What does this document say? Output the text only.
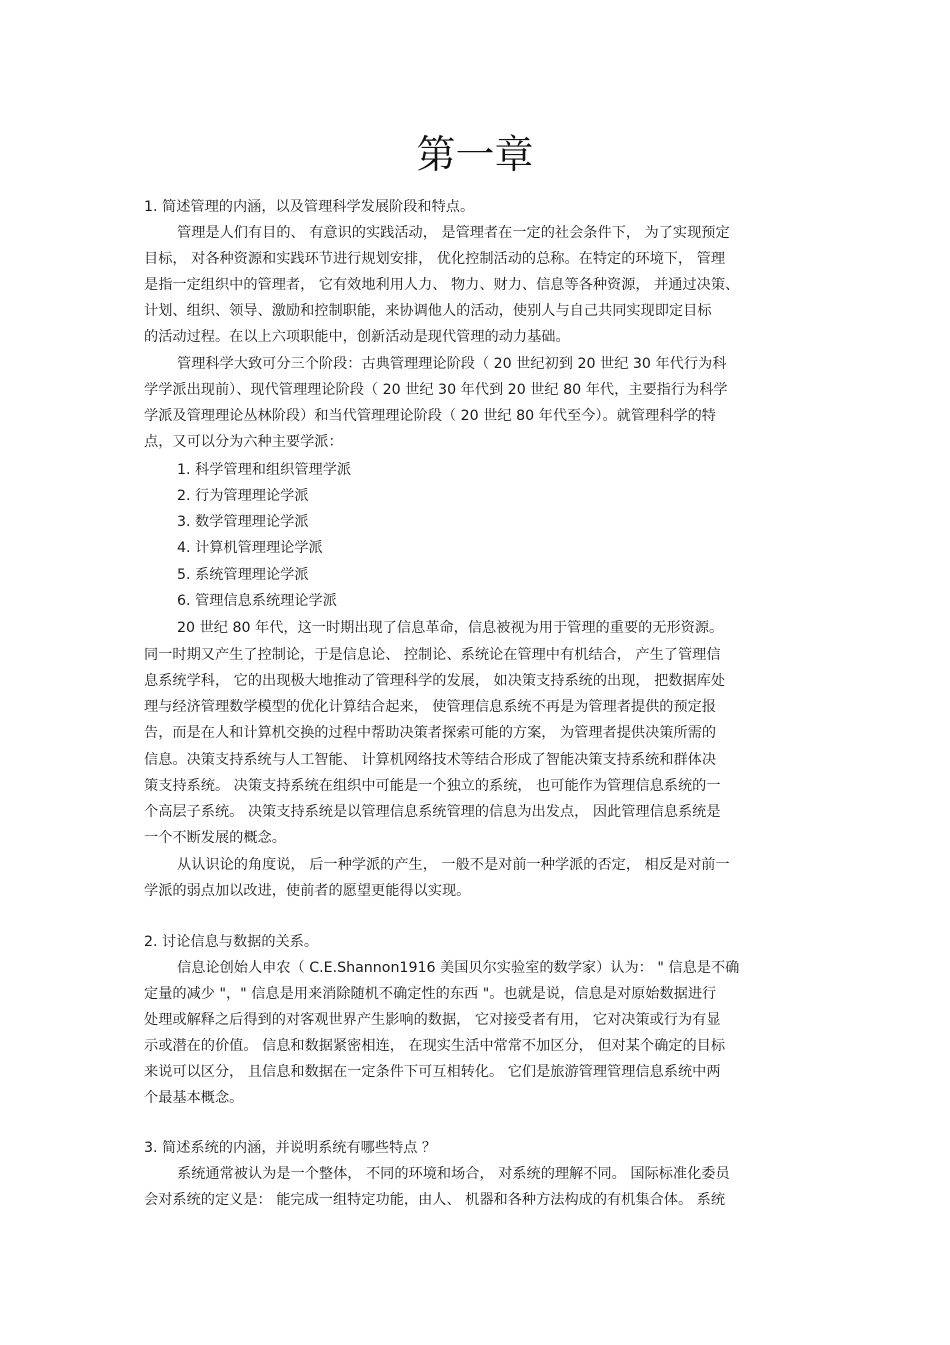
第一章
1. 简述管理的内涵，以及管理科学发展阶段和特点。
管理是人们有目的、 有意识的实践活动， 是管理者在一定的社会条件下， 为了实现预定
目标， 对各种资源和实践环节进行规划安排， 优化控制活动的总称。在特定的环境下， 管理
是指一定组织中的管理者， 它有效地利用人力、 物力、财力、信息等各种资源， 并通过决策、
计划、组织、领导、激励和控制职能，来协调他人的活动，使别人与自己共同实现即定目标
的活动过程。在以上六项职能中，创新活动是现代管理的动力基础。
管理科学大致可分三个阶段：古典管理理论阶段（ 20 世纪初到 20 世纪 30 年代行为科
学学派出现前）、现代管理理论阶段（ 20 世纪 30 年代到 20 世纪 80 年代，主要指行为科学
学派及管理理论丛林阶段）和当代管理理论阶段（ 20 世纪 80 年代至今）。就管理科学的特
点，又可以分为六种主要学派：
1. 科学管理和组织管理学派
2. 行为管理理论学派
3. 数学管理理论学派
4. 计算机管理理论学派
5. 系统管理理论学派
6. 管理信息系统理论学派
20 世纪 80 年代，这一时期出现了信息革命，信息被视为用于管理的重要的无形资源。
同一时期又产生了控制论，于是信息论、 控制论、系统论在管理中有机结合， 产生了管理信
息系统学科， 它的出现极大地推动了管理科学的发展， 如决策支持系统的出现， 把数据库处
理与经济管理数学模型的优化计算结合起来， 使管理信息系统不再是为管理者提供的预定报
告，而是在人和计算机交换的过程中帮助决策者探索可能的方案， 为管理者提供决策所需的
信息。决策支持系统与人工智能、 计算机网络技术等结合形成了智能决策支持系统和群体决
策支持系统。 决策支持系统在组织中可能是一个独立的系统， 也可能作为管理信息系统的一
个高层子系统。 决策支持系统是以管理信息系统管理的信息为出发点， 因此管理信息系统是
一个不断发展的概念。
从认识论的角度说， 后一种学派的产生， 一般不是对前一种学派的否定， 相反是对前一
学派的弱点加以改进，使前者的愿望更能得以实现。
2. 讨论信息与数据的关系。
信息论创始人申农（ C.E.Shannon1916 美国贝尔实验室的数学家）认为： " 信息是不确
定量的减少 "，" 信息是用来消除随机不确定性的东西 "。也就是说，信息是对原始数据进行
处理或解释之后得到的对客观世界产生影响的数据， 它对接受者有用， 它对决策或行为有显
示或潜在的价值。 信息和数据紧密相连， 在现实生活中常常不加区分， 但对某个确定的目标
来说可以区分， 且信息和数据在一定条件下可互相转化。 它们是旅游管理管理信息系统中两
个最基本概念。
3. 简述系统的内涵，并说明系统有哪些特点 ？
系统通常被认为是一个整体， 不同的环境和场合， 对系统的理解不同。 国际标准化委员
会对系统的定义是： 能完成一组特定功能，由人、 机器和各种方法构成的有机集合体。 系统
